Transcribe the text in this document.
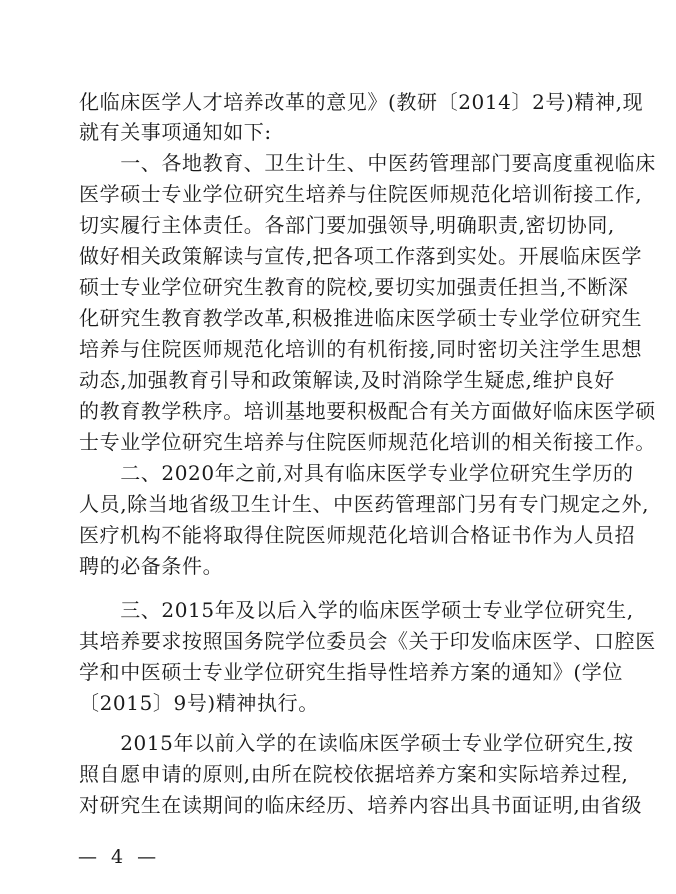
化临床医学人才培养改革的意见》(教研〔2014〕2号)精神,现
就有关事项通知如下:
　　一、各地教育、卫生计生、中医药管理部门要高度重视临床
医学硕士专业学位研究生培养与住院医师规范化培训衔接工作,
切实履行主体责任。各部门要加强领导,明确职责,密切协同,
做好相关政策解读与宣传,把各项工作落到实处。开展临床医学
硕士专业学位研究生教育的院校,要切实加强责任担当,不断深
化研究生教育教学改革,积极推进临床医学硕士专业学位研究生
培养与住院医师规范化培训的有机衔接,同时密切关注学生思想
动态,加强教育引导和政策解读,及时消除学生疑虑,维护良好
的教育教学秩序。培训基地要积极配合有关方面做好临床医学硕
士专业学位研究生培养与住院医师规范化培训的相关衔接工作。
　　二、2020年之前,对具有临床医学专业学位研究生学历的
人员,除当地省级卫生计生、中医药管理部门另有专门规定之外,
医疗机构不能将取得住院医师规范化培训合格证书作为人员招
聘的必备条件。
　　三、2015年及以后入学的临床医学硕士专业学位研究生,
其培养要求按照国务院学位委员会《关于印发临床医学、口腔医
学和中医硕士专业学位研究生指导性培养方案的通知》(学位
〔2015〕9号)精神执行。
　　2015年以前入学的在读临床医学硕士专业学位研究生,按
照自愿申请的原则,由所在院校依据培养方案和实际培养过程,
对研究生在读期间的临床经历、培养内容出具书面证明,由省级
— 4 —
